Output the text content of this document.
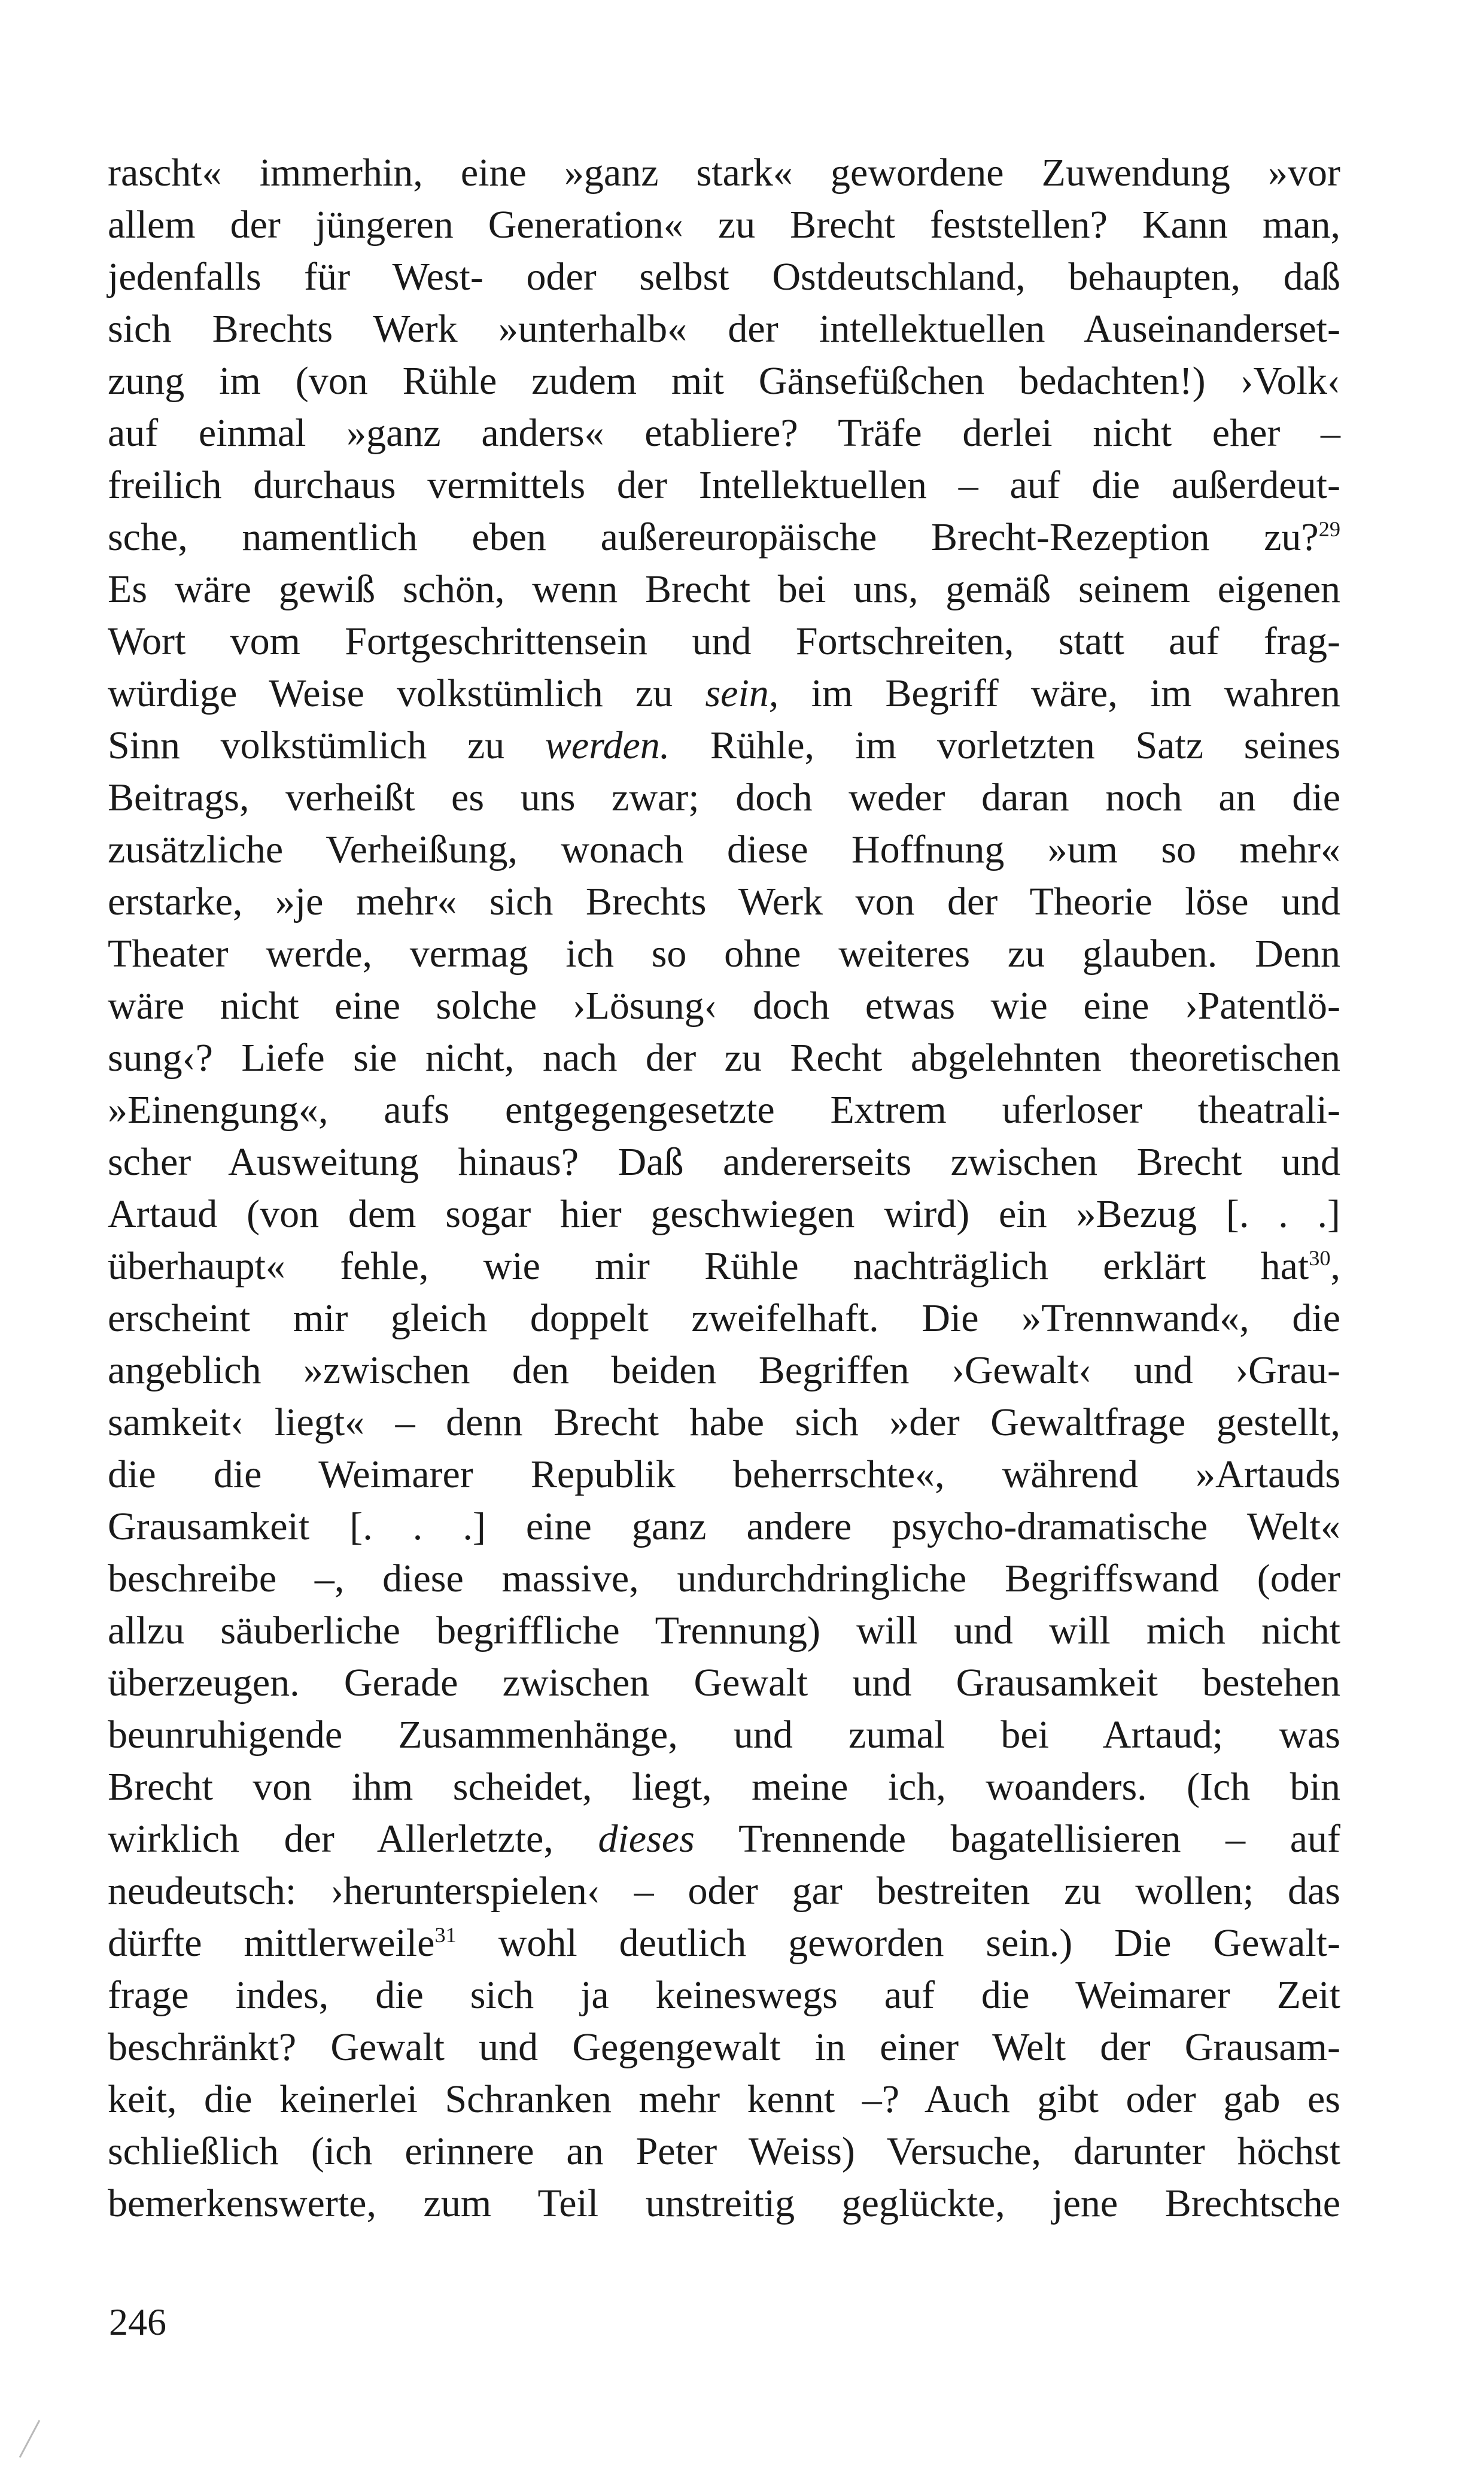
rascht« immerhin, eine »ganz stark« gewordene Zuwendung »vor
allem der jüngeren Generation« zu Brecht feststellen? Kann man,
jedenfalls für West- oder selbst Ostdeutschland, behaupten, daß
sich Brechts Werk »unterhalb« der intellektuellen Auseinanderset-
zung im (von Rühle zudem mit Gänsefüßchen bedachten!) ›Volk‹
auf einmal »ganz anders« etabliere? Träfe derlei nicht eher –
freilich durchaus vermittels der Intellektuellen – auf die außerdeut-
sche, namentlich eben außereuropäische Brecht-Rezeption zu?$^{29}$
Es wäre gewiß schön, wenn Brecht bei uns, gemäß seinem eigenen
Wort vom Fortgeschrittensein und Fortschreiten, statt auf frag-
würdige Weise volkstümlich zu sein, im Begriff wäre, im wahren
Sinn volkstümlich zu werden. Rühle, im vorletzten Satz seines
Beitrags, verheißt es uns zwar; doch weder daran noch an die
zusätzliche Verheißung, wonach diese Hoffnung »um so mehr«
erstarke, »je mehr« sich Brechts Werk von der Theorie löse und
Theater werde, vermag ich so ohne weiteres zu glauben. Denn
wäre nicht eine solche ›Lösung‹ doch etwas wie eine ›Patentlö-
sung‹? Liefe sie nicht, nach der zu Recht abgelehnten theoretischen
»Einengung«, aufs entgegengesetzte Extrem uferloser theatrali-
scher Ausweitung hinaus? Daß andererseits zwischen Brecht und
Artaud (von dem sogar hier geschwiegen wird) ein »Bezug [. . .]
überhaupt« fehle, wie mir Rühle nachträglich erklärt hat$^{30}$,
erscheint mir gleich doppelt zweifelhaft. Die »Trennwand«, die
angeblich »zwischen den beiden Begriffen ›Gewalt‹ und ›Grau-
samkeit‹ liegt« – denn Brecht habe sich »der Gewaltfrage gestellt,
die die Weimarer Republik beherrschte«, während »Artauds
Grausamkeit [. . .] eine ganz andere psycho-dramatische Welt«
beschreibe –, diese massive, undurchdringliche Begriffswand (oder
allzu säuberliche begriffliche Trennung) will und will mich nicht
überzeugen. Gerade zwischen Gewalt und Grausamkeit bestehen
beunruhigende Zusammenhänge, und zumal bei Artaud; was
Brecht von ihm scheidet, liegt, meine ich, woanders. (Ich bin
wirklich der Allerletzte, dieses Trennende bagatellisieren – auf
neudeutsch: ›herunterspielen‹ – oder gar bestreiten zu wollen; das
dürfte mittlerweile$^{31}$ wohl deutlich geworden sein.) Die Gewalt-
frage indes, die sich ja keineswegs auf die Weimarer Zeit
beschränkt? Gewalt und Gegengewalt in einer Welt der Grausam-
keit, die keinerlei Schranken mehr kennt –? Auch gibt oder gab es
schließlich (ich erinnere an Peter Weiss) Versuche, darunter höchst
bemerkenswerte, zum Teil unstreitig geglückte, jene Brechtsche
246
